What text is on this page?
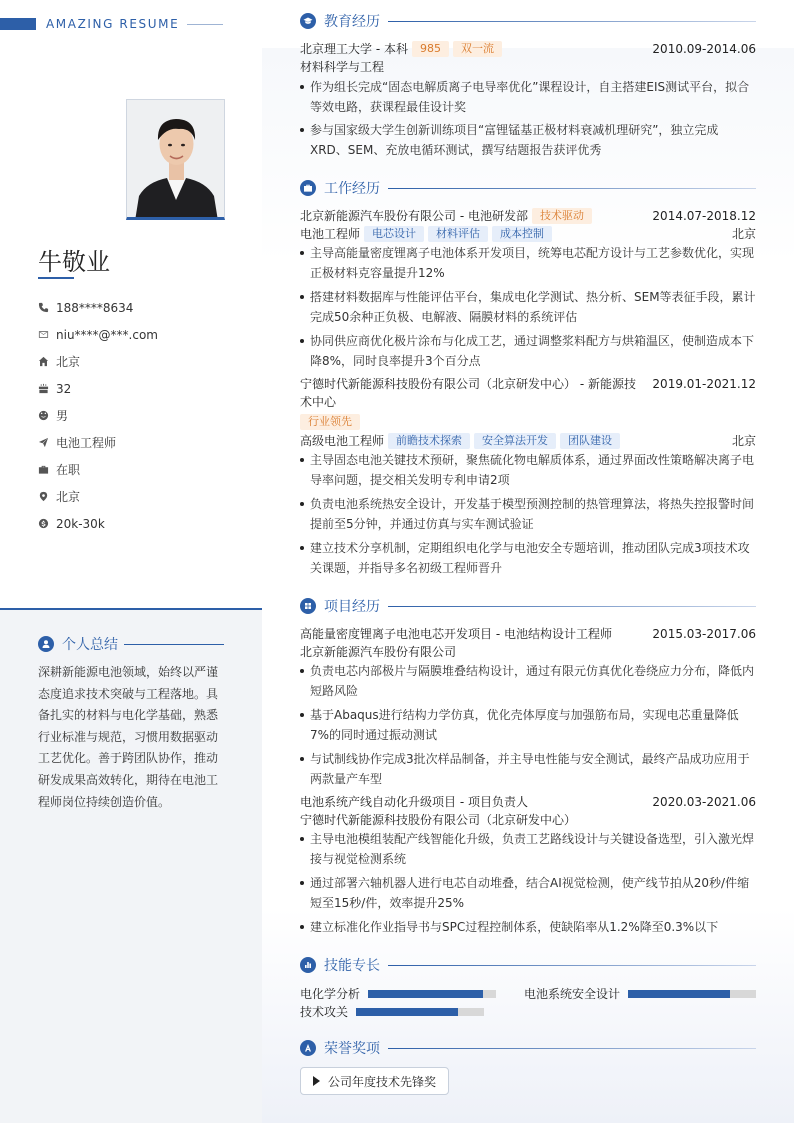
AMAZING RESUME
牛敬业
188****8634
niu****@***.com
北京
32
男
电池工程师
在职
北京
20k-30k
个人总结
深耕新能源电池领域，始终以严谨态度追求技术突破与工程落地。具备扎实的材料与电化学基础，熟悉行业标准与规范，习惯用数据驱动工艺优化。善于跨团队协作，推动研发成果高效转化，期待在电池工程师岗位持续创造价值。
教育经历
北京理工大学 - 本科	985	双一流	2010.09-2014.06
材料科学与工程
作为组长完成“固态电解质离子电导率优化”课程设计，自主搭建EIS测试平台，拟合等效电路，获课程最佳设计奖
参与国家级大学生创新训练项目“富锂锰基正极材料衰减机理研究”，独立完成XRD、SEM、充放电循环测试，撰写结题报告获评优秀
工作经历
北京新能源汽车股份有限公司 - 电池研发部	技术驱动	2014.07-2018.12
电池工程师	电芯设计	材料评估	成本控制	北京
主导高能量密度锂离子电池体系开发项目，统筹电芯配方设计与工艺参数优化，实现正极材料克容量提升12%
搭建材料数据库与性能评估平台，集成电化学测试、热分析、SEM等表征手段，累计完成50余种正负极、电解液、隔膜材料的系统评估
协同供应商优化极片涂布与化成工艺，通过调整浆料配方与烘箱温区，使制造成本下降8%，同时良率提升3个百分点
宁德时代新能源科技股份有限公司（北京研发中心） - 新能源技 2019.01-2021.12
术中心
行业领先
高级电池工程师	前瞻技术探索	安全算法开发	团队建设	北京
主导固态电池关键技术预研，聚焦硫化物电解质体系，通过界面改性策略解决离子电导率问题，提交相关发明专利申请2项
负责电池系统热安全设计，开发基于模型预测控制的热管理算法，将热失控报警时间提前至5分钟，并通过仿真与实车测试验证
建立技术分享机制，定期组织电化学与电池安全专题培训，推动团队完成3项技术攻关课题，并指导多名初级工程师晋升
项目经历
高能量密度锂离子电池电芯开发项目 - 电池结构设计工程师	2015.03-2017.06
北京新能源汽车股份有限公司
负责电芯内部极片与隔膜堆叠结构设计，通过有限元仿真优化卷绕应力分布，降低内短路风险
基于Abaqus进行结构力学仿真，优化壳体厚度与加强筋布局，实现电芯重量降低7%的同时通过振动测试
与试制线协作完成3批次样品制备，并主导电性能与安全测试，最终产品成功应用于两款量产车型
电池系统产线自动化升级项目 - 项目负责人	2020.03-2021.06
宁德时代新能源科技股份有限公司（北京研发中心）
主导电池模组装配产线智能化升级，负责工艺路线设计与关键设备选型，引入激光焊接与视觉检测系统
通过部署六轴机器人进行电芯自动堆叠，结合AI视觉检测，使产线节拍从20秒/件缩短至15秒/件，效率提升25%
建立标准化作业指导书与SPC过程控制体系，使缺陷率从1.2%降至0.3%以下
技能专长
电化学分析	电池系统安全设计
技术攻关
荣誉奖项
公司年度技术先锋奖
